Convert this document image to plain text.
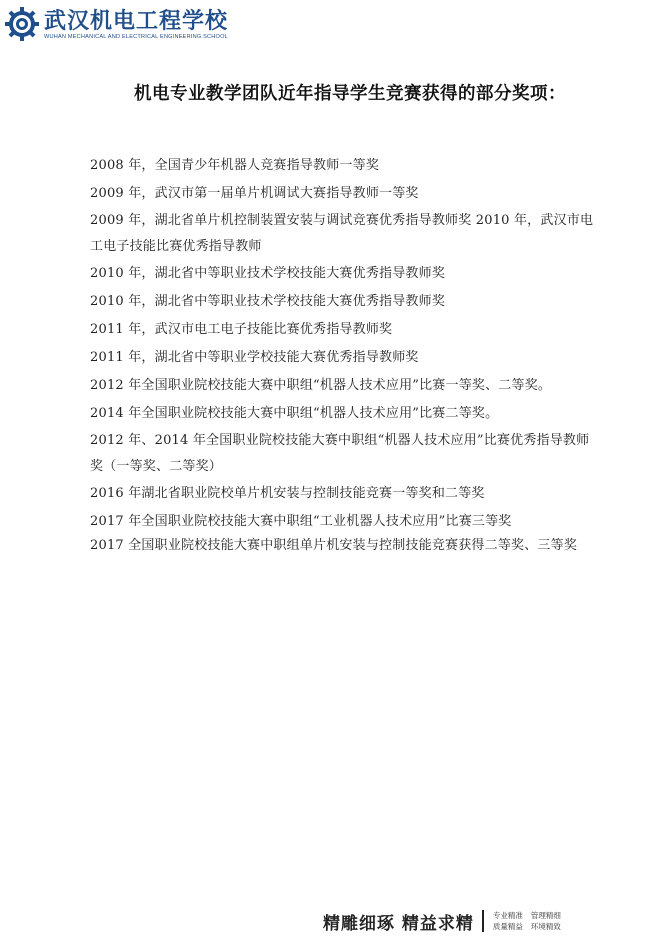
武汉机电工程学校
WUHAN MECHANICAL AND ELECTRICAL ENGINEERING SCHOOL
机电专业教学团队近年指导学生竞赛获得的部分奖项：
2008 年，全国青少年机器人竞赛指导教师一等奖
2009 年，武汉市第一届单片机调试大赛指导教师一等奖
2009 年，湖北省单片机控制装置安装与调试竞赛优秀指导教师奖 2010 年，武汉市电工电子技能比赛优秀指导教师
2010 年，湖北省中等职业技术学校技能大赛优秀指导教师奖
2010 年，湖北省中等职业技术学校技能大赛优秀指导教师奖
2011 年，武汉市电工电子技能比赛优秀指导教师奖
2011 年，湖北省中等职业学校技能大赛优秀指导教师奖
2012 年全国职业院校技能大赛中职组“机器人技术应用”比赛一等奖、二等奖。
2014 年全国职业院校技能大赛中职组“机器人技术应用”比赛二等奖。
2012 年、2014 年全国职业院校技能大赛中职组“机器人技术应用”比赛优秀指导教师奖（一等奖、二等奖）
2016 年湖北省职业院校单片机安装与控制技能竞赛一等奖和二等奖
2017 年全国职业院校技能大赛中职组“工业机器人技术应用”比赛三等奖
2017 全国职业院校技能大赛中职组单片机安装与控制技能竞赛获得二等奖、三等奖
精雕细琢 精益求精	专业精准 管理精细
质量精益 环境精致
